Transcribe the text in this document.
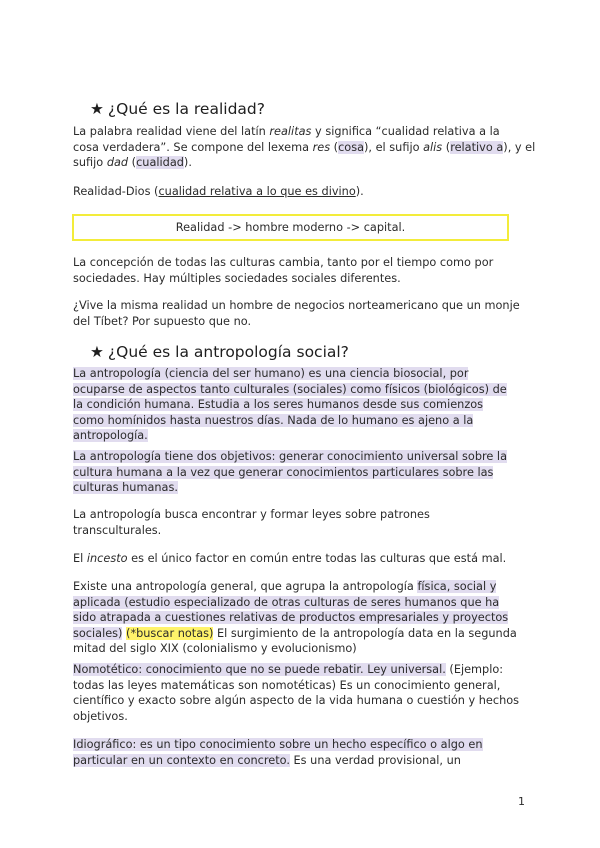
★ ¿Qué es la realidad?
La palabra realidad viene del latín realitas y significa “cualidad relativa a la
cosa verdadera”. Se compone del lexema res (cosa), el sufijo alis (relativo a), y el
sufijo dad (cualidad).
Realidad-Dios (cualidad relativa a lo que es divino).
Realidad -> hombre moderno -> capital.
La concepción de todas las culturas cambia, tanto por el tiempo como por
sociedades. Hay múltiples sociedades sociales diferentes.
¿Vive la misma realidad un hombre de negocios norteamericano que un monje
del Tíbet? Por supuesto que no.
★ ¿Qué es la antropología social?
La antropología (ciencia del ser humano) es una ciencia biosocial, por
ocuparse de aspectos tanto culturales (sociales) como físicos (biológicos) de
la condición humana. Estudia a los seres humanos desde sus comienzos
como homínidos hasta nuestros días. Nada de lo humano es ajeno a la
antropología.
La antropología tiene dos objetivos: generar conocimiento universal sobre la
cultura humana a la vez que generar conocimientos particulares sobre las
culturas humanas.
La antropología busca encontrar y formar leyes sobre patrones
transculturales.
El incesto es el único factor en común entre todas las culturas que está mal.
Existe una antropología general, que agrupa la antropología física, social y
aplicada (estudio especializado de otras culturas de seres humanos que ha
sido atrapada a cuestiones relativas de productos empresariales y proyectos
sociales) (*buscar notas) El surgimiento de la antropología data en la segunda
mitad del siglo XIX (colonialismo y evolucionismo)
Nomotético: conocimiento que no se puede rebatir. Ley universal. (Ejemplo:
todas las leyes matemáticas son nomotéticas) Es un conocimiento general,
científico y exacto sobre algún aspecto de la vida humana o cuestión y hechos
objetivos.
Idiográfico: es un tipo conocimiento sobre un hecho específico o algo en
particular en un contexto en concreto. Es una verdad provisional, un
1
